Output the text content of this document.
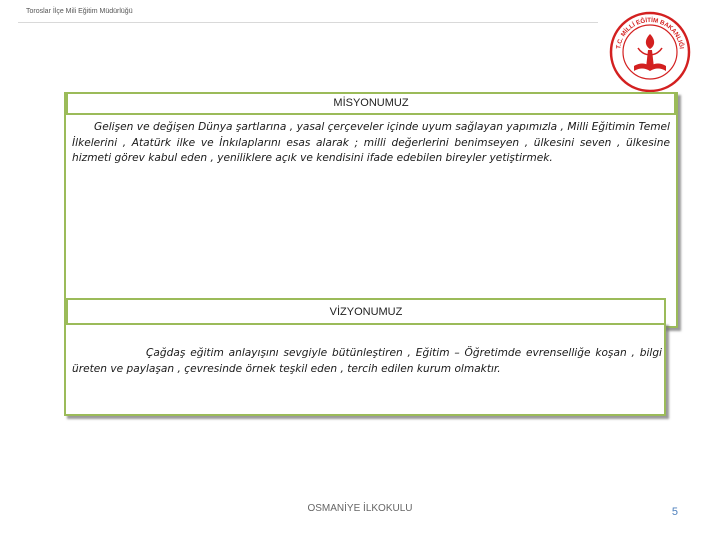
Toroslar İlçe Mili Eğitim Müdürlüğü
T.C. MİLLİ EĞİTİM BAKANLIĞI
MİSYONUMUZ
Gelişen ve değişen Dünya şartlarına , yasal çerçeveler içinde uyum sağlayan yapımızla , Milli Eğitimin Temel İlkelerini , Atatürk ilke ve İnkılaplarını esas alarak ; milli değerlerini benimseyen , ülkesini seven , ülkesine hizmeti görev kabul eden , yeniliklere açık ve kendisini ifade edebilen bireyler yetiştirmek.
VİZYONUMUZ
Çağdaş eğitim anlayışını sevgiyle bütünleştiren , Eğitim – Öğretimde evrenselliğe koşan , bilgi üreten ve paylaşan , çevresinde örnek teşkil eden , tercih edilen kurum olmaktır.
OSMANİYE İLKOKULU	5
